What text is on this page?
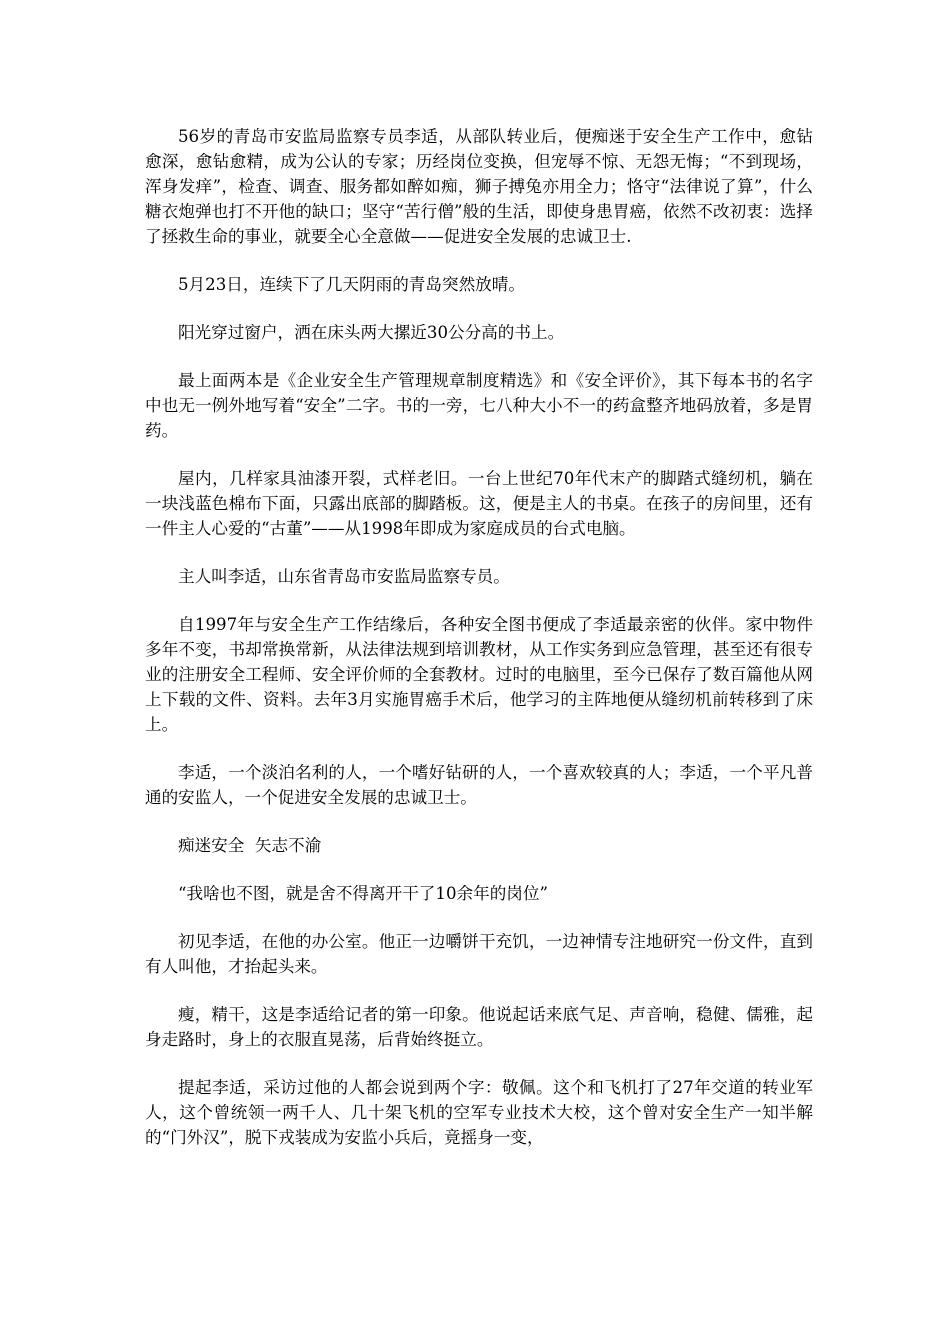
56岁的青岛市安监局监察专员李适，从部队转业后，便痴迷于安全生产工作中，愈钻愈深，愈钻愈精，成为公认的专家；历经岗位变换，但宠辱不惊、无怨无悔；“不到现场，浑身发痒”，检查、调查、服务都如醉如痴，狮子搏兔亦用全力；恪守“法律说了算”，什么糖衣炮弹也打不开他的缺口；坚守“苦行僧”般的生活，即使身患胃癌，依然不改初衷：选择了拯救生命的事业，就要全心全意做——促进安全发展的忠诚卫士.

5月23日，连续下了几天阴雨的青岛突然放晴。

阳光穿过窗户，洒在床头两大摞近30公分高的书上。

最上面两本是《企业安全生产管理规章制度精选》和《安全评价》，其下每本书的名字中也无一例外地写着“安全”二字。书的一旁，七八种大小不一的药盒整齐地码放着，多是胃药。

屋内，几样家具油漆开裂，式样老旧。一台上世纪70年代末产的脚踏式缝纫机，躺在一块浅蓝色棉布下面，只露出底部的脚踏板。这，便是主人的书桌。在孩子的房间里，还有一件主人心爱的“古董”——从1998年即成为家庭成员的台式电脑。

主人叫李适，山东省青岛市安监局监察专员。

自1997年与安全生产工作结缘后，各种安全图书便成了李适最亲密的伙伴。家中物件多年不变，书却常换常新，从法律法规到培训教材，从工作实务到应急管理，甚至还有很专业的注册安全工程师、安全评价师的全套教材。过时的电脑里，至今已保存了数百篇他从网上下载的文件、资料。去年3月实施胃癌手术后，他学习的主阵地便从缝纫机前转移到了床上。

李适，一个淡泊名利的人，一个嗜好钻研的人，一个喜欢较真的人；李适，一个平凡普通的安监人，一个促进安全发展的忠诚卫士。

痴迷安全  矢志不渝

“我啥也不图，就是舍不得离开干了10余年的岗位”

初见李适，在他的办公室。他正一边嚼饼干充饥，一边神情专注地研究一份文件，直到有人叫他，才抬起头来。

瘦，精干，这是李适给记者的第一印象。他说起话来底气足、声音响，稳健、儒雅，起身走路时，身上的衣服直晃荡，后背始终挺立。

提起李适，采访过他的人都会说到两个字：敬佩。这个和飞机打了27年交道的转业军人，这个曾统领一两千人、几十架飞机的空军专业技术大校，这个曾对安全生产一知半解的“门外汉”，脱下戎装成为安监小兵后，竟摇身一变，
